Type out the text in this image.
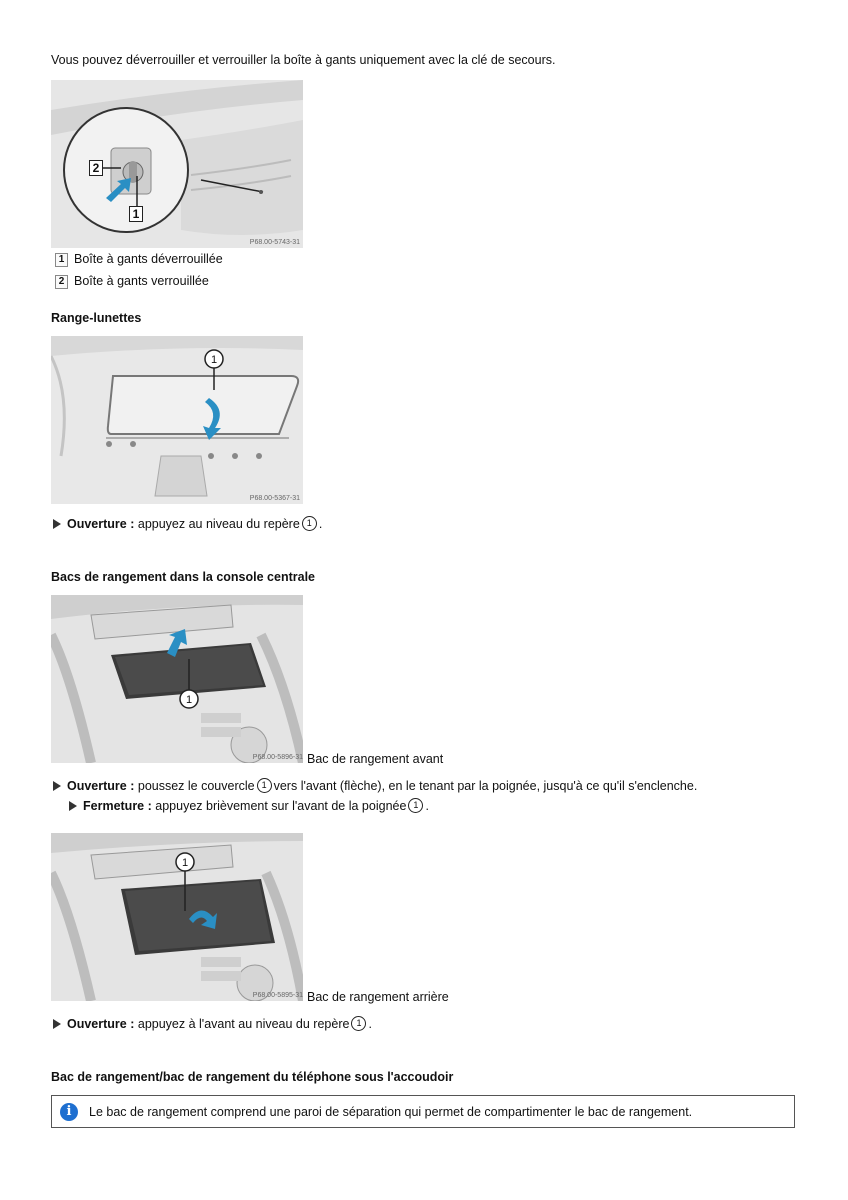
Vous pouvez déverrouiller et verrouiller la boîte à gants uniquement avec la clé de secours.
2
1
P68.00-5743-31
1 Boîte à gants déverrouillée
2 Boîte à gants verrouillée
Range-lunettes
1
P68.00-5367-31
Ouverture : appuyez au niveau du repère 1 .
Bacs de rangement dans la console centrale
1
P68.00-5896-31 Bac de rangement avant
Ouverture : poussez le couvercle 1 vers l'avant (flèche), en le tenant par la poignée, jusqu'à ce qu'il s'enclenche.
Fermeture : appuyez brièvement sur l'avant de la poignée 1 .
1
P68.00-5895-31 Bac de rangement arrière
Ouverture : appuyez à l'avant au niveau du repère 1 .
Bac de rangement/bac de rangement du téléphone sous l'accoudoir
i	Le bac de rangement comprend une paroi de séparation qui permet de compartimenter le bac de rangement.
